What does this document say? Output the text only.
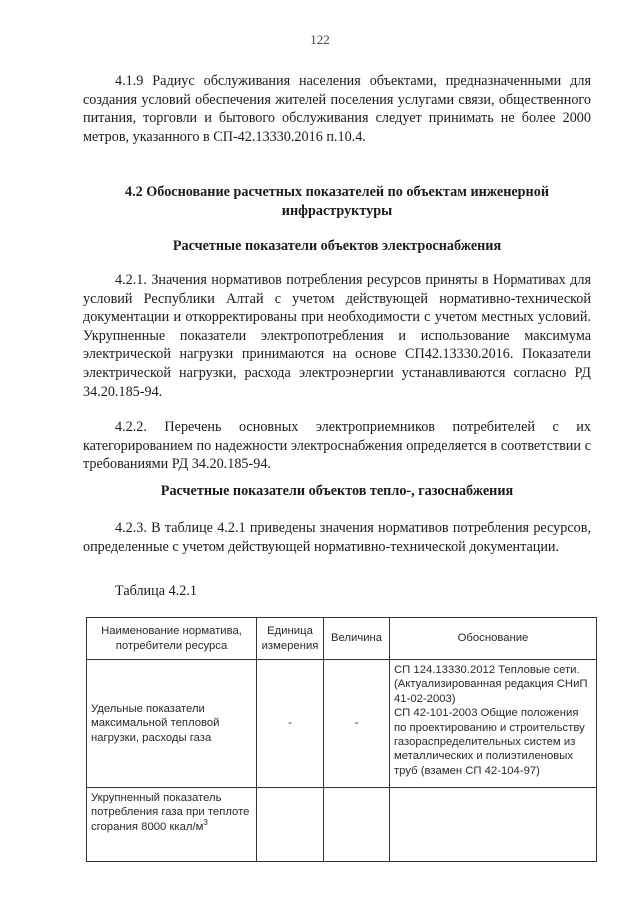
122

4.1.9 Радиус обслуживания населения объектами, предназначенными для создания условий обеспечения жителей поселения услугами связи, общественного питания, торговли и бытового обслуживания следует принимать не более 2000 метров, указанного в СП-42.13330.2016 п.10.4.

4.2 Обоснование расчетных показателей по объектам инженерной инфраструктуры
Расчетные показатели объектов электроснабжения

4.2.1. Значения нормативов потребления ресурсов приняты в Нормативах для условий Республики Алтай с учетом действующей нормативно-технической документации и откорректированы при необходимости с учетом местных условий. Укрупненные показатели электропотребления и использование максимума электрической нагрузки принимаются на основе СП42.13330.2016. Показатели электрической нагрузки, расхода электроэнергии устанавливаются согласно РД 34.20.185-94.

4.2.2. Перечень основных электроприемников потребителей с их категорированием по надежности электроснабжения определяется в соответствии с требованиями РД 34.20.185-94.

Расчетные показатели объектов тепло-, газоснабжения

4.2.3. В таблице 4.2.1 приведены значения нормативов потребления ресурсов, определенные с учетом действующей нормативно-технической документации.

Таблица 4.2.1
Наименование норматива, потребители ресурса	Единица измерения	Величина	Обоснование
Удельные показатели максимальной тепловой нагрузки, расходы газа	-	-	СП 124.13330.2012 Тепловые сети. (Актуализированная редакция СНиП 41-02-2003)
СП 42-101-2003 Общие положения по проектированию и строительству газораспределительных систем из металлических и полиэтиленовых труб (взамен СП 42-104-97)
Укрупненный показатель потребления газа при теплоте сгорания 8000 ккал/$м^3$			
